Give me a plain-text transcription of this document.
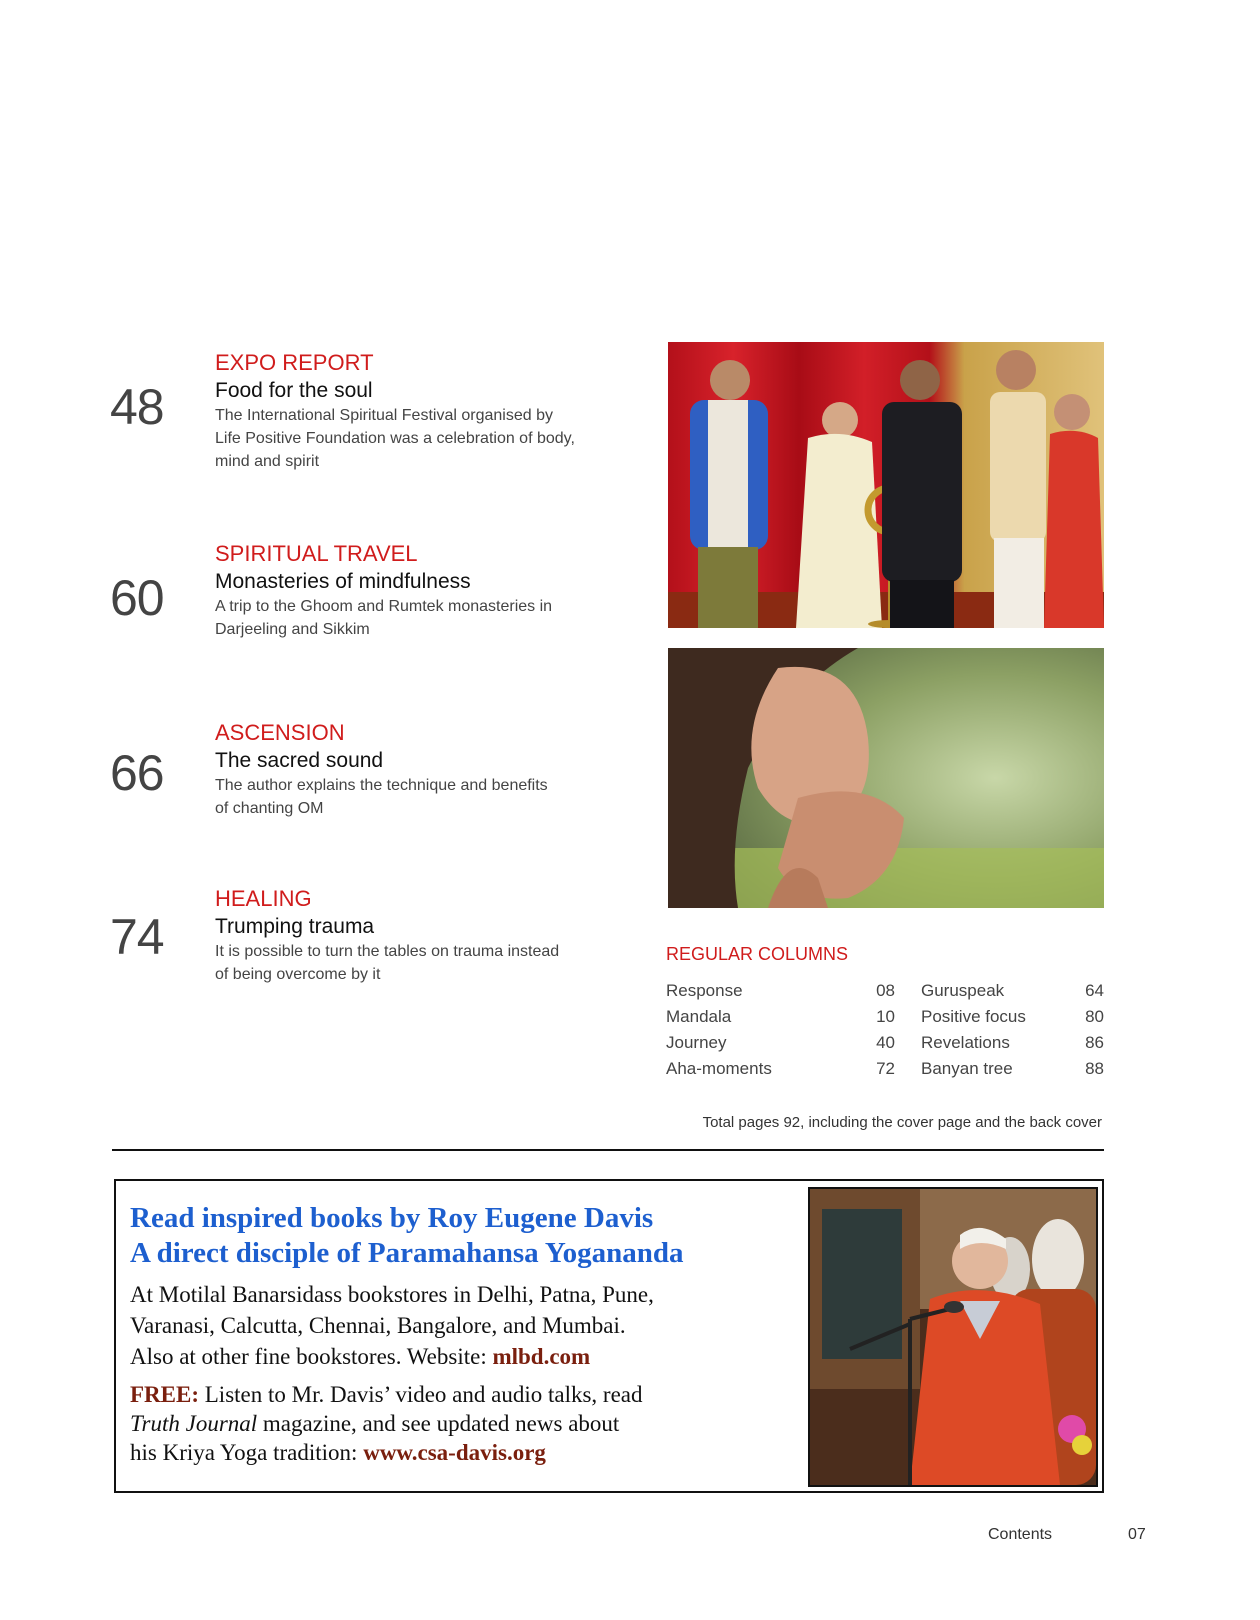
48
EXPO REPORT
Food for the soul
The International Spiritual Festival organised by
Life Positive Foundation was a celebration of body,
mind and spirit
60
SPIRITUAL TRAVEL
Monasteries of mindfulness
A trip to the Ghoom and Rumtek monasteries in
Darjeeling and Sikkim
66
ASCENSION
The sacred sound
The author explains the technique and benefits
of chanting OM
74
HEALING
Trumping trauma
It is possible to turn the tables on trauma instead
of being overcome by it
REGULAR COLUMNS
Response	08	Guruspeak	64
Mandala	10	Positive focus	80
Journey	40	Revelations	86
Aha-moments	72	Banyan tree	88
Total pages 92, including the cover page and the back cover
Read inspired books by Roy Eugene Davis
A direct disciple of Paramahansa Yogananda
At Motilal Banarsidass bookstores in Delhi, Patna, Pune,
Varanasi, Calcutta, Chennai, Bangalore, and Mumbai.
Also at other fine bookstores. Website: mlbd.com
FREE: Listen to Mr. Davis’ video and audio talks, read
Truth Journal magazine, and see updated news about
his Kriya Yoga tradition: www.csa-davis.org
Contents	07
